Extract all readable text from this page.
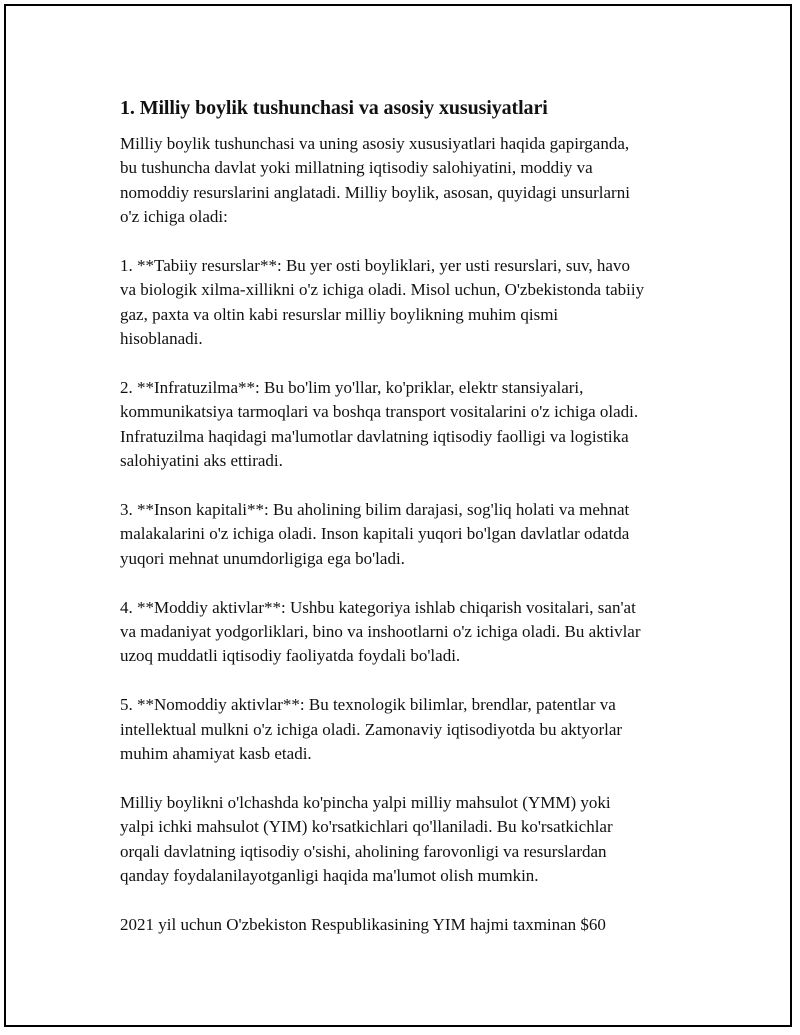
1. Milliy boylik tushunchasi va asosiy xususiyatlari

Milliy boylik tushunchasi va uning asosiy xususiyatlari haqida gapirganda,
bu tushuncha davlat yoki millatning iqtisodiy salohiyatini, moddiy va
nomoddiy resurslarini anglatadi. Milliy boylik, asosan, quyidagi unsurlarni
o'z ichiga oladi:

1. **Tabiiy resurslar**: Bu yer osti boyliklari, yer usti resurslari, suv, havo
va biologik xilma-xillikni o'z ichiga oladi. Misol uchun, O'zbekistonda tabiiy
gaz, paxta va oltin kabi resurslar milliy boylikning muhim qismi
hisoblanadi.

2. **Infratuzilma**: Bu bo'lim yo'llar, ko'priklar, elektr stansiyalari,
kommunikatsiya tarmoqlari va boshqa transport vositalarini o'z ichiga oladi.
Infratuzilma haqidagi ma'lumotlar davlatning iqtisodiy faolligi va logistika
salohiyatini aks ettiradi.

3. **Inson kapitali**: Bu aholining bilim darajasi, sog'liq holati va mehnat
malakalarini o'z ichiga oladi. Inson kapitali yuqori bo'lgan davlatlar odatda
yuqori mehnat unumdorligiga ega bo'ladi.

4. **Moddiy aktivlar**: Ushbu kategoriya ishlab chiqarish vositalari, san'at
va madaniyat yodgorliklari, bino va inshootlarni o'z ichiga oladi. Bu aktivlar
uzoq muddatli iqtisodiy faoliyatda foydali bo'ladi.

5. **Nomoddiy aktivlar**: Bu texnologik bilimlar, brendlar, patentlar va
intellektual mulkni o'z ichiga oladi. Zamonaviy iqtisodiyotda bu aktyorlar
muhim ahamiyat kasb etadi.

Milliy boylikni o'lchashda ko'pincha yalpi milliy mahsulot (YMM) yoki
yalpi ichki mahsulot (YIM) ko'rsatkichlari qo'llaniladi. Bu ko'rsatkichlar
orqali davlatning iqtisodiy o'sishi, aholining farovonligi va resurslardan
qanday foydalanilayotganligi haqida ma'lumot olish mumkin.

2021 yil uchun O'zbekiston Respublikasining YIM hajmi taxminan $60
